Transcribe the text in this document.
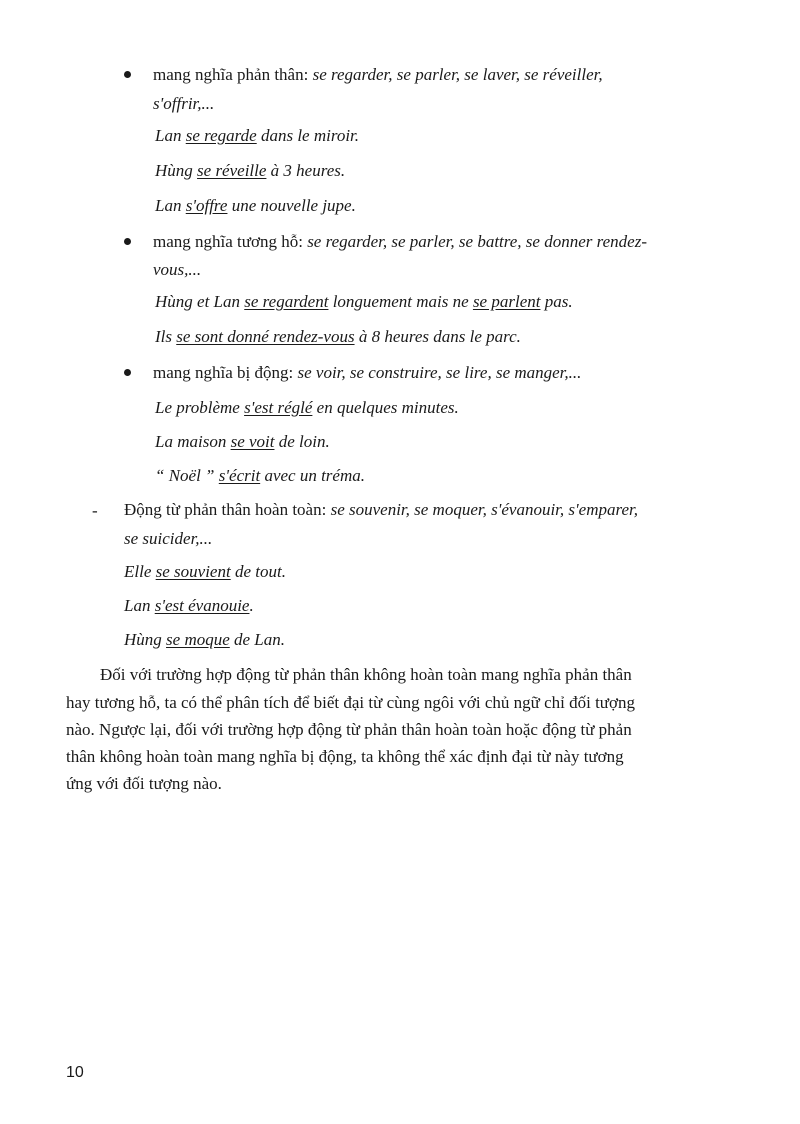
mang nghĩa phản thân: se regarder, se parler, se laver, se réveiller,
s'offrir,...
Lan se regarde dans le miroir.
Hùng se réveille à 3 heures.
Lan s'offre une nouvelle jupe.
mang nghĩa tương hỗ: se regarder, se parler, se battre, se donner rendez-
vous,...
Hùng et Lan se regardent longuement mais ne se parlent pas.
Ils se sont donné rendez-vous à 8 heures dans le parc.
mang nghĩa bị động: se voir, se construire, se lire, se manger,...
Le problème s'est réglé en quelques minutes.
La maison se voit de loin.
“ Noël ” s'écrit avec un tréma.
- Động từ phản thân hoàn toàn: se souvenir, se moquer, s'évanouir, s'emparer,
se suicider,...
Elle se souvient de tout.
Lan s'est évanouie.
Hùng se moque de Lan.
Đối với trường hợp động từ phản thân không hoàn toàn mang nghĩa phản thân
hay tương hỗ, ta có thể phân tích để biết đại từ cùng ngôi với chủ ngữ chỉ đối tượng
nào. Ngược lại, đối với trường hợp động từ phản thân hoàn toàn hoặc động từ phản
thân không hoàn toàn mang nghĩa bị động, ta không thể xác định đại từ này tương
ứng với đối tượng nào.
10
